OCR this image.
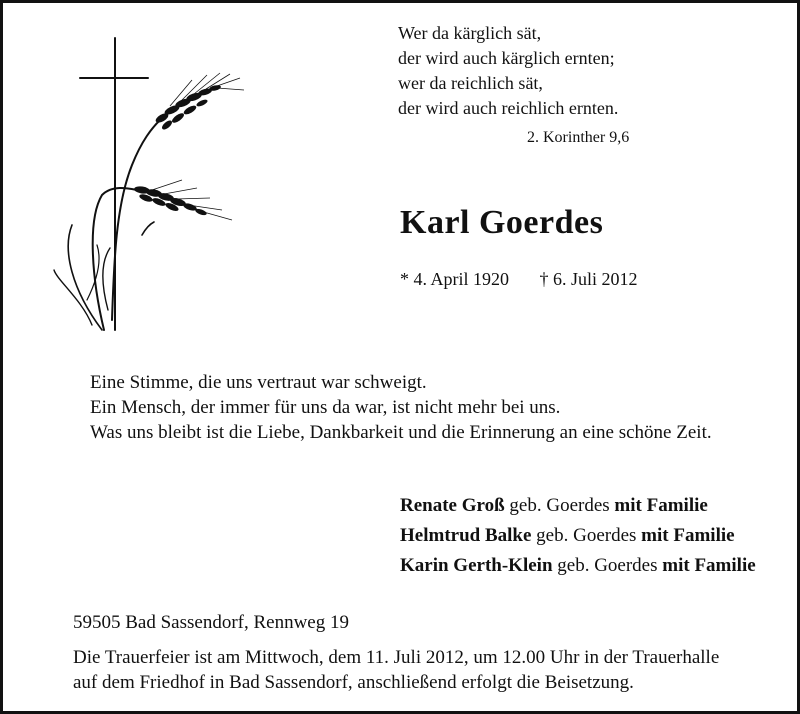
Wer da kärglich sät,
der wird auch kärglich ernten;
wer da reichlich sät,
der wird auch reichlich ernten.
2. Korinther 9,6
Karl Goerdes
* 4. April 1920 † 6. Juli 2012
Eine Stimme, die uns vertraut war schweigt.
Ein Mensch, der immer für uns da war, ist nicht mehr bei uns.
Was uns bleibt ist die Liebe, Dankbarkeit und die Erinnerung an eine schöne Zeit.
Renate Groß geb. Goerdes mit Familie
Helmtrud Balke geb. Goerdes mit Familie
Karin Gerth-Klein geb. Goerdes mit Familie
59505 Bad Sassendorf, Rennweg 19
Die Trauerfeier ist am Mittwoch, dem 11. Juli 2012, um 12.00 Uhr in der Trauerhalle
auf dem Friedhof in Bad Sassendorf, anschließend erfolgt die Beisetzung.
